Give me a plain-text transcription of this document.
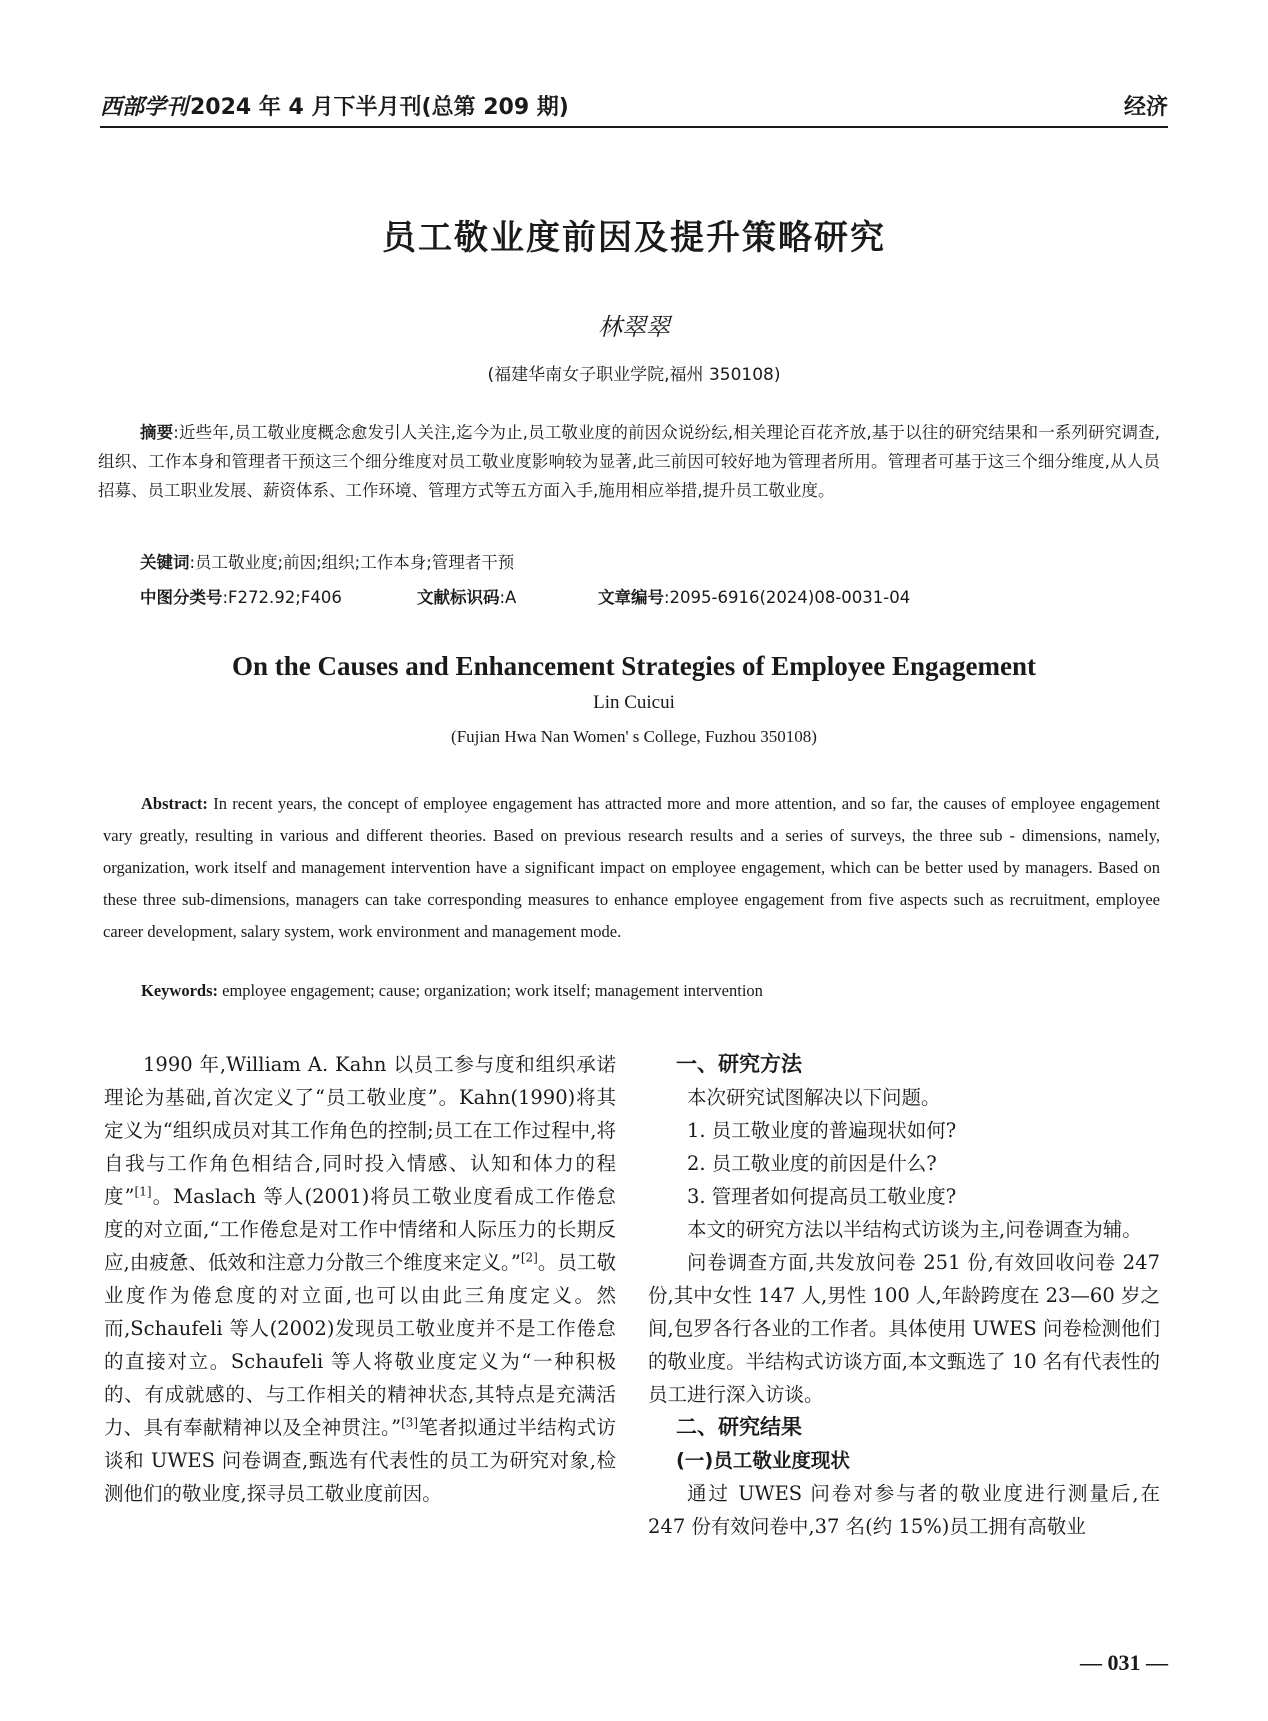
西部学刊 2024 年 4 月下半月刊(总第 209 期)	经济
员工敬业度前因及提升策略研究
林翠翠
(福建华南女子职业学院,福州 350108)
摘要:近些年,员工敬业度概念愈发引人关注,迄今为止,员工敬业度的前因众说纷纭,相关理论百花齐放,基于以往的研究结果和一系列研究调查,组织、工作本身和管理者干预这三个细分维度对员工敬业度影响较为显著,此三前因可较好地为管理者所用。管理者可基于这三个细分维度,从人员招募、员工职业发展、薪资体系、工作环境、管理方式等五方面入手,施用相应举措,提升员工敬业度。
关键词:员工敬业度;前因;组织;工作本身;管理者干预
中图分类号:F272.92;F406	文献标识码:A	文章编号:2095-6916(2024)08-0031-04
On the Causes and Enhancement Strategies of Employee Engagement
Lin Cuicui
(Fujian Hwa Nan Women' s College, Fuzhou 350108)
Abstract: In recent years, the concept of employee engagement has attracted more and more attention, and so far, the causes of employee engagement vary greatly, resulting in various and different theories. Based on previous research results and a series of surveys, the three sub - dimensions, namely, organization, work itself and management intervention have a significant impact on employee engagement, which can be better used by managers. Based on these three sub-dimensions, managers can take corresponding measures to enhance employee engagement from five aspects such as recruitment, employee career development, salary system, work environment and management mode.
Keywords: employee engagement; cause; organization; work itself; management intervention

1990 年,William A. Kahn 以员工参与度和组织承诺理论为基础,首次定义了“员工敬业度”。Kahn(1990)将其定义为“组织成员对其工作角色的控制;员工在工作过程中,将自我与工作角色相结合,同时投入情感、认知和体力的程度”[1]。Maslach 等人(2001)将员工敬业度看成工作倦怠度的对立面,“工作倦怠是对工作中情绪和人际压力的长期反应,由疲惫、低效和注意力分散三个维度来定义。”[2]。员工敬业度作为倦怠度的对立面,也可以由此三角度定义。然而,Schaufeli 等人(2002)发现员工敬业度并不是工作倦怠的直接对立。Schaufeli 等人将敬业度定义为“一种积极的、有成就感的、与工作相关的精神状态,其特点是充满活力、具有奉献精神以及全神贯注。”[3]笔者拟通过半结构式访谈和 UWES 问卷调查,甄选有代表性的员工为研究对象,检测他们的敬业度,探寻员工敬业度前因。

一、研究方法

本次研究试图解决以下问题。

1. 员工敬业度的普遍现状如何?

2. 员工敬业度的前因是什么?

3. 管理者如何提高员工敬业度?

本文的研究方法以半结构式访谈为主,问卷调查为辅。

问卷调查方面,共发放问卷 251 份,有效回收问卷 247 份,其中女性 147 人,男性 100 人,年龄跨度在 23—60 岁之间,包罗各行各业的工作者。具体使用 UWES 问卷检测他们的敬业度。半结构式访谈方面,本文甄选了 10 名有代表性的员工进行深入访谈。

二、研究结果
(一)员工敬业度现状

通过 UWES 问卷对参与者的敬业度进行测量后,在 247 份有效问卷中,37 名(约 15%)员工拥有高敬业

— 031 —
